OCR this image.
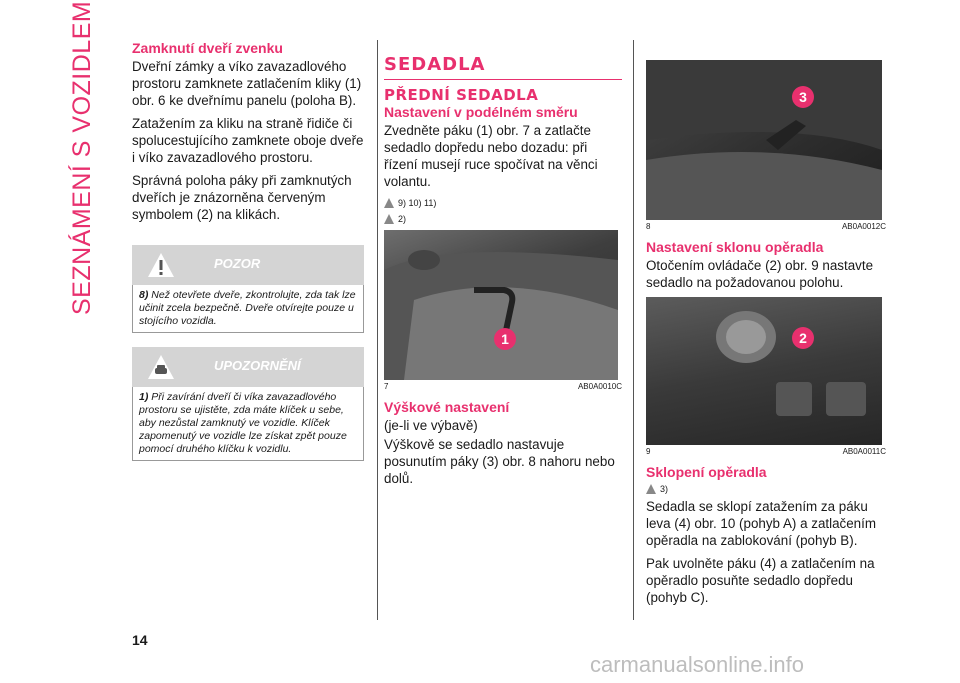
SEZNÁMENÍ S VOZIDLEM	Zamknutí dveří zvenku

Dveřní zámky a víko zavazadlového prostoru zamknete zatlačením kliky (1) obr. 6 ke dveřnímu panelu (poloha B).

Zatažením za kliku na straně řidiče či spolucestujícího zamknete oboje dveře i víko zavazadlového prostoru.

Správná poloha páky při zamknutých dveřích je znázorněna červeným symbolem (2) na klikách.

POZOR
8) Než otevřete dveře, zkontrolujte, zda tak lze učinit zcela bezpečně. Dveře otvírejte pouze u stojícího vozidla.
UPOZORNĚNÍ
1) Při zavírání dveří či víka zavazadlového prostoru se ujistěte, zda máte klíček u sebe, aby nezůstal zamknutý ve vozidle. Klíček zapomenutý ve vozidle lze získat zpět pouze pomocí druhého klíčku k vozidlu.
SEDADLA
PŘEDNÍ SEDADLA
Nastavení v podélném směru

Zvedněte páku (1) obr. 7 a zatlačte sedadlo dopředu nebo dozadu: při řízení musejí ruce spočívat na věnci volantu.

9) 10) 11)
2)
1
7	AB0A0010C
Výškové nastavení

(je-li ve výbavě)

Výškově se sedadlo nastavuje posunutím páky (3) obr. 8 nahoru nebo dolů.

3
8	AB0A0012C
Nastavení sklonu opěradla

Otočením ovládače (2) obr. 9 nastavte sedadlo na požadovanou polohu.

2
9	AB0A0011C
Sklopení opěradla
3)

Sedadla se sklopí zatažením za páku leva (4) obr. 10 (pohyb A) a zatlačením opěradla na zablokování (pohyb B).

Pak uvolněte páku (4) a zatlačením na opěradlo posuňte sedadlo dopředu (pohyb C).

14
carmanualsonline.info
